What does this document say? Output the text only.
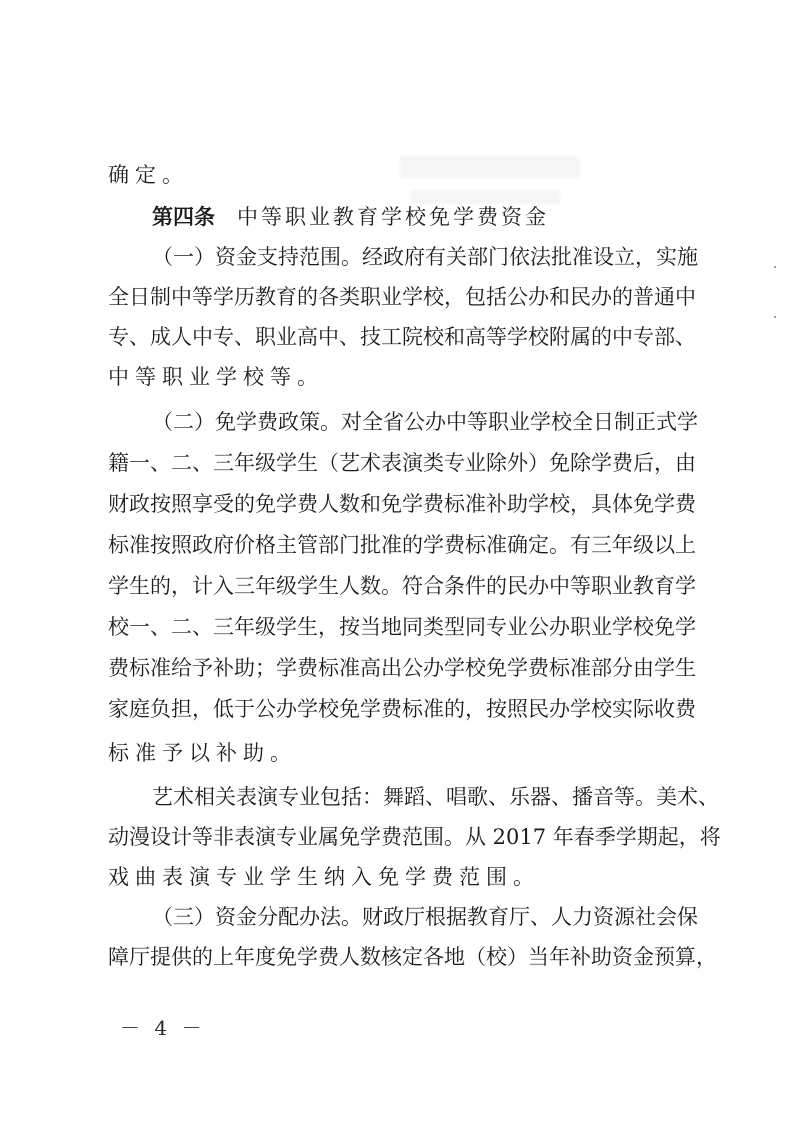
确定。
第四条 中等职业教育学校免学费资金
（一）资金支持范围。经政府有关部门依法批准设立，实施
全日制中等学历教育的各类职业学校，包括公办和民办的普通中
专、成人中专、职业高中、技工院校和高等学校附属的中专部、
中等职业学校等。
（二）免学费政策。对全省公办中等职业学校全日制正式学
籍一、二、三年级学生（艺术表演类专业除外）免除学费后，由
财政按照享受的免学费人数和免学费标准补助学校，具体免学费
标准按照政府价格主管部门批准的学费标准确定。有三年级以上
学生的，计入三年级学生人数。符合条件的民办中等职业教育学
校一、二、三年级学生，按当地同类型同专业公办职业学校免学
费标准给予补助；学费标准高出公办学校免学费标准部分由学生
家庭负担，低于公办学校免学费标准的，按照民办学校实际收费
标准予以补助。
艺术相关表演专业包括：舞蹈、唱歌、乐器、播音等。美术、
动漫设计等非表演专业属免学费范围。从 2017 年春季学期起，将
戏曲表演专业学生纳入免学费范围。
（三）资金分配办法。财政厅根据教育厅、人力资源社会保
障厅提供的上年度免学费人数核定各地（校）当年补助资金预算，
－ 4 －
